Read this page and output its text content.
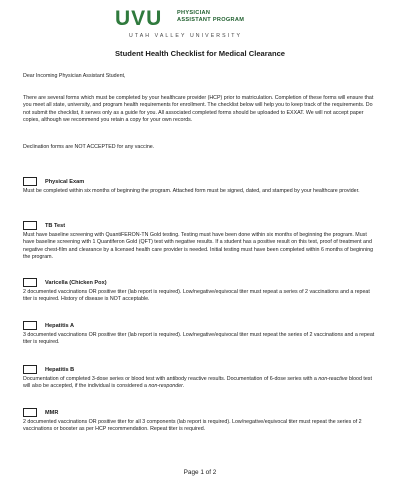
UVU	PHYSICIAN
ASSISTANT PROGRAM
UTAH VALLEY UNIVERSITY
Student Health Checklist for Medical Clearance
Dear Incoming Physician Assistant Student,
There are several forms which must be completed by your healthcare provider (HCP) prior to matriculation. Completion of these forms will ensure that you meet all state, university, and program health requirements for enrollment. The checklist below will help you to keep track of the requirements. Do not submit the checklist, it serves only as a guide for you. All associated completed forms should be uploaded to EXXAT. We will not accept paper copies, although we recommend you retain a copy for your own records.
Declination forms are NOT ACCEPTED for any vaccine.
Physical Exam
Must be completed within six months of beginning the program. Attached form must be signed, dated, and stamped by your healthcare provider.
TB Test
Must have baseline screening with QuantiFERON-TN Gold testing. Testing must have been done within six months of beginning the program. Must have baseline screening with 1 Quantiferon Gold (QFT) test with negative results. If a student has a positive result on this test, proof of treatment and negative chest-film and clearance by a licensed health care provider is needed. Initial testing must have been completed within 6 months of beginning the program.
Varicella (Chicken Pox)
2 documented vaccinations OR positive titer (lab report is required). Low/negative/equivocal titer must repeat a series of 2 vaccinations and a repeat titer is required. History of disease is NOT acceptable.
Hepatitis A
3 documented vaccinations OR positive titer (lab report is required). Low/negative/equivocal titer must repeat the series of 2 vaccinations and a repeat titer is required.
Hepatitis B
Documentation of completed 3-dose series or blood test with antibody reactive results. Documentation of 6-dose series with a non-reactive blood test will also be accepted, if the individual is considered a non-responder.
MMR
2 documented vaccinations OR positive titer for all 3 components (lab report is required). Low/negative/equivocal titer must repeat the series of 2 vaccinations or booster as per HCP recommendation. Repeat titer is required.
Page 1 of 2
